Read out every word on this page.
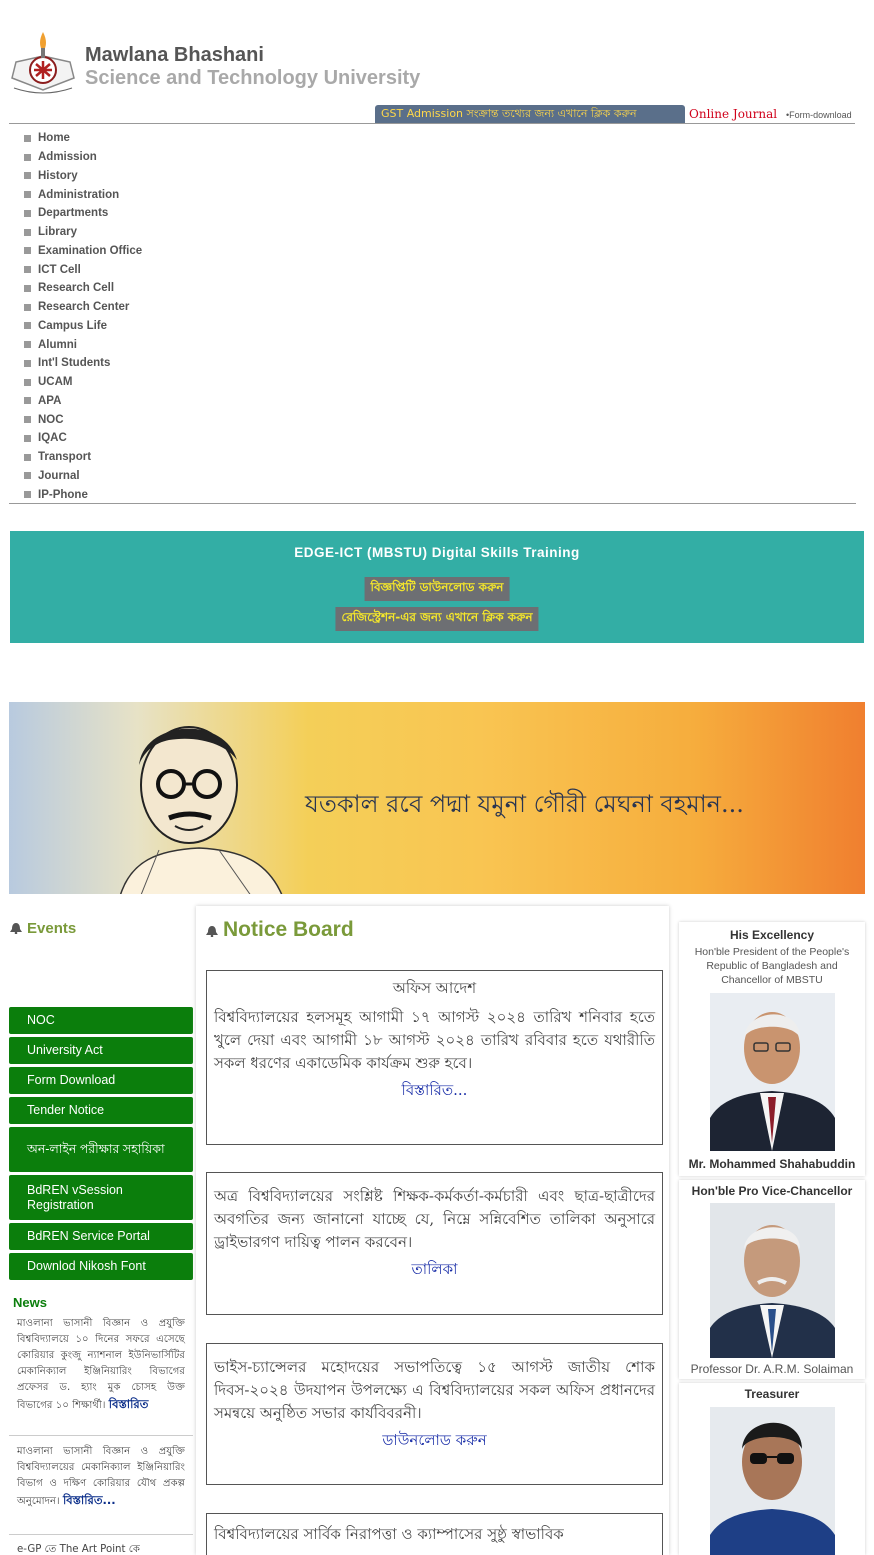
Mawlana Bhashani
Science and Technology University
GST Admission সংক্রান্ত তথ্যের জন্য এখানে ক্লিক করুন	Online Journal •Form-download
Home
Admission
History
Administration
Departments
Library
Examination Office
ICT Cell
Research Cell
Research Center
Campus Life
Alumni
Int'l Students
UCAM
APA
NOC
IQAC
Transport
Journal
IP-Phone
EDGE-ICT (MBSTU) Digital Skills Training
বিজ্ঞপ্তিটি ডাউনলোড করুন
রেজিস্ট্রেশন-এর জন্য এখানে ক্লিক করুন
যতকাল রবে পদ্মা যমুনা গৌরী মেঘনা বহমান...
Events
NOC
University Act
Form Download
Tender Notice
অন-লাইন পরীক্ষার সহায়িকা
BdREN vSession Registration
BdREN Service Portal
Downlod Nikosh Font
News
মাওলানা ভাসানী বিজ্ঞান ও প্রযুক্তি বিশ্ববিদ্যালয়ে ১০ দিনের সফরে এসেছে কোরিয়ার কুংজু ন্যাশনাল ইউনিভার্সিটির মেকানিক্যাল ইঞ্জিনিয়ারিং বিভাগের প্রফেসর ড. হ্যাং মুক চোসহ উক্ত বিভাগের ১০ শিক্ষার্থী। বিস্তারিত
মাওলানা ভাসানী বিজ্ঞান ও প্রযুক্তি বিশ্ববিদ্যালয়ের মেকানিক্যাল ইঞ্জিনিয়ারিং বিভাগ ও দক্ষিণ কোরিয়ার যৌথ প্রকল্প অনুমোদন। বিস্তারিত...
e-GP তে The Art Point কে
Notice Board
অফিস আদেশ
বিশ্ববিদ্যালয়ের হলসমূহ আগামী ১৭ আগস্ট ২০২৪ তারিখ শনিবার হতে খুলে দেয়া এবং আগামী ১৮ আগস্ট ২০২৪ তারিখ রবিবার হতে যথারীতি সকল ধরণের একাডেমিক কার্যক্রম শুরু হবে।
বিস্তারিত...
অত্র বিশ্ববিদ্যালয়ের সংশ্লিষ্ট শিক্ষক-কর্মকর্তা-কর্মচারী এবং ছাত্র-ছাত্রীদের অবগতির জন্য জানানো যাচ্ছে যে, নিম্নে সন্নিবেশিত তালিকা অনুসারে ড্রাইভারগণ দায়িত্ব পালন করবেন।
তালিকা
ভাইস-চ্যান্সেলর মহোদয়ের সভাপতিত্বে ১৫ আগস্ট জাতীয় শোক দিবস-২০২৪ উদযাপন উপলক্ষ্যে এ বিশ্ববিদ্যালয়ের সকল অফিস প্রধানদের সমন্বয়ে অনুষ্ঠিত সভার কার্যবিবরনী।
ডাউনলোড করুন
বিশ্ববিদ্যালয়ের সার্বিক নিরাপত্তা ও ক্যাম্পাসের সুষ্ঠু স্বাভাবিক
His Excellency
Hon'ble President of the People's Republic of Bangladesh and Chancellor of MBSTU
Mr. Mohammed Shahabuddin
Hon'ble Pro Vice-Chancellor
Professor Dr. A.R.M. Solaiman
Treasurer
